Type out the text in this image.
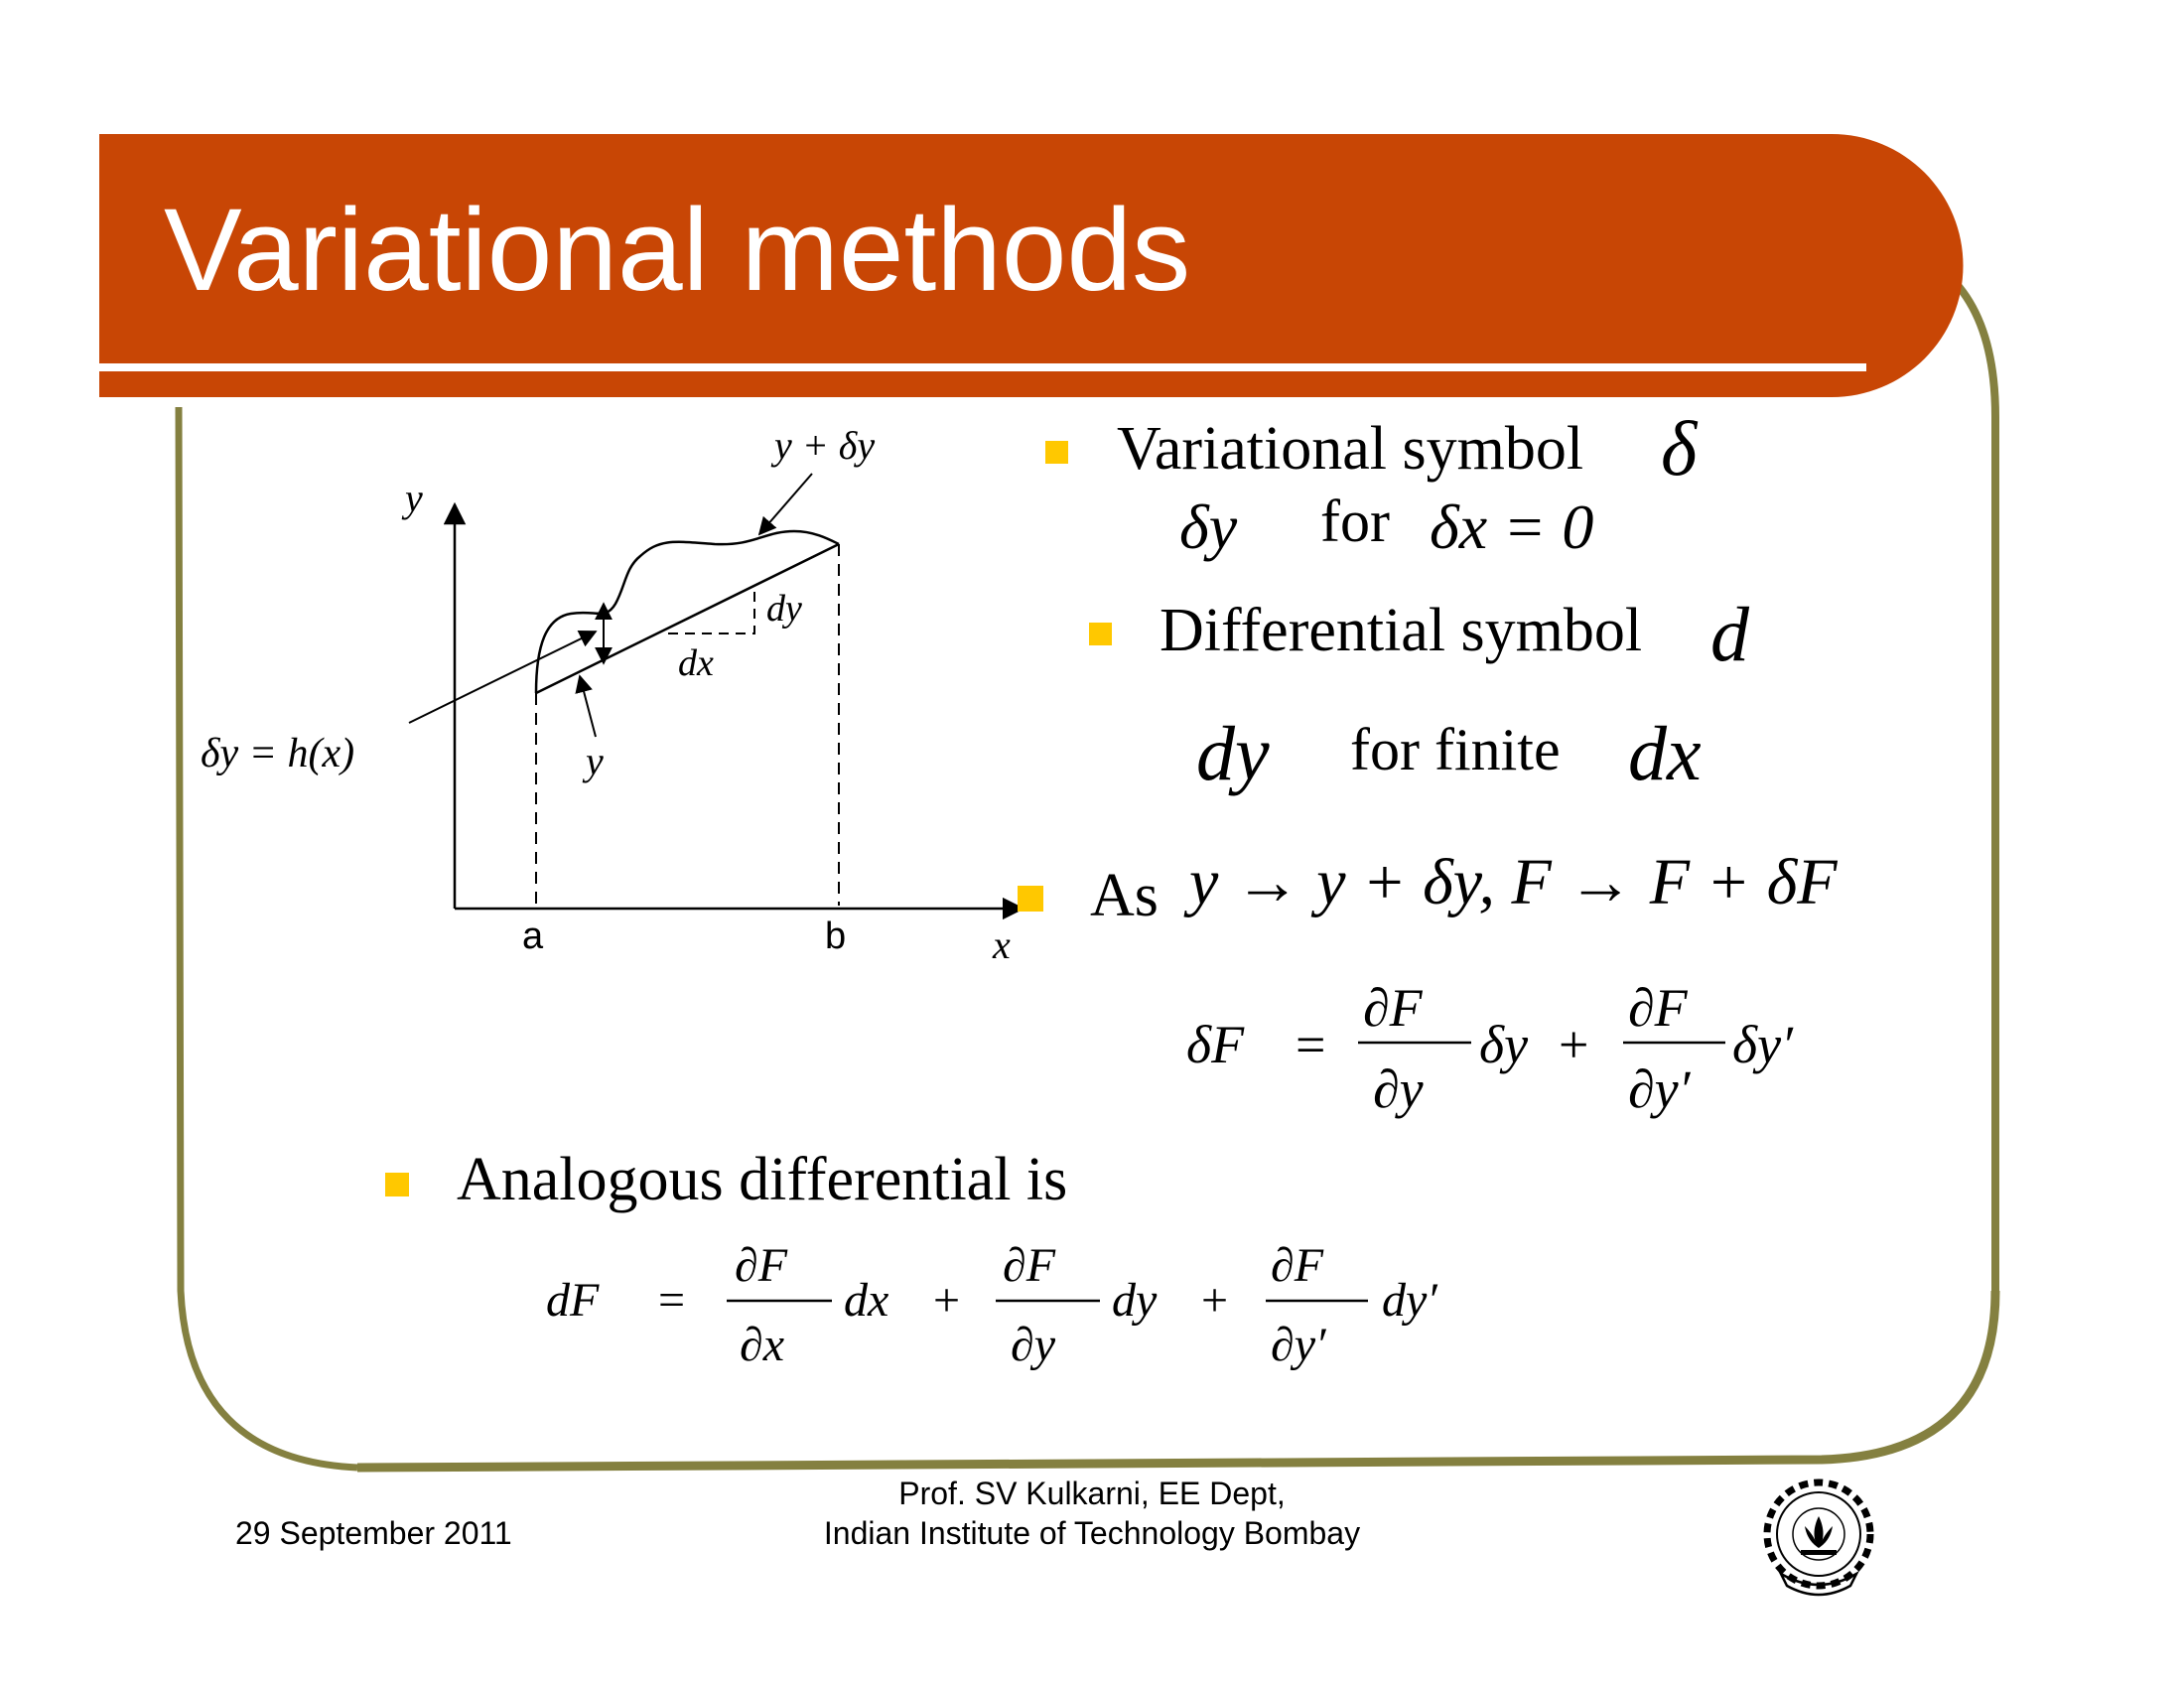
Variational methods
y
x
a	b
y + δy
y
dy
dx
δy = h(x)
Variational symbol δ
δy for δx = 0
Differential symbol d
dy for finite dx
As y → y + δy, F → F + δF
δF =
∂F
∂y
δy +
∂F
∂y′
δy′
Analogous differential is
dF =
∂F
∂x
dx +
∂F
∂y
dy +
∂F
∂y′
dy′
29 September 2011
Prof. SV Kulkarni, EE Dept,
Indian Institute of Technology Bombay
